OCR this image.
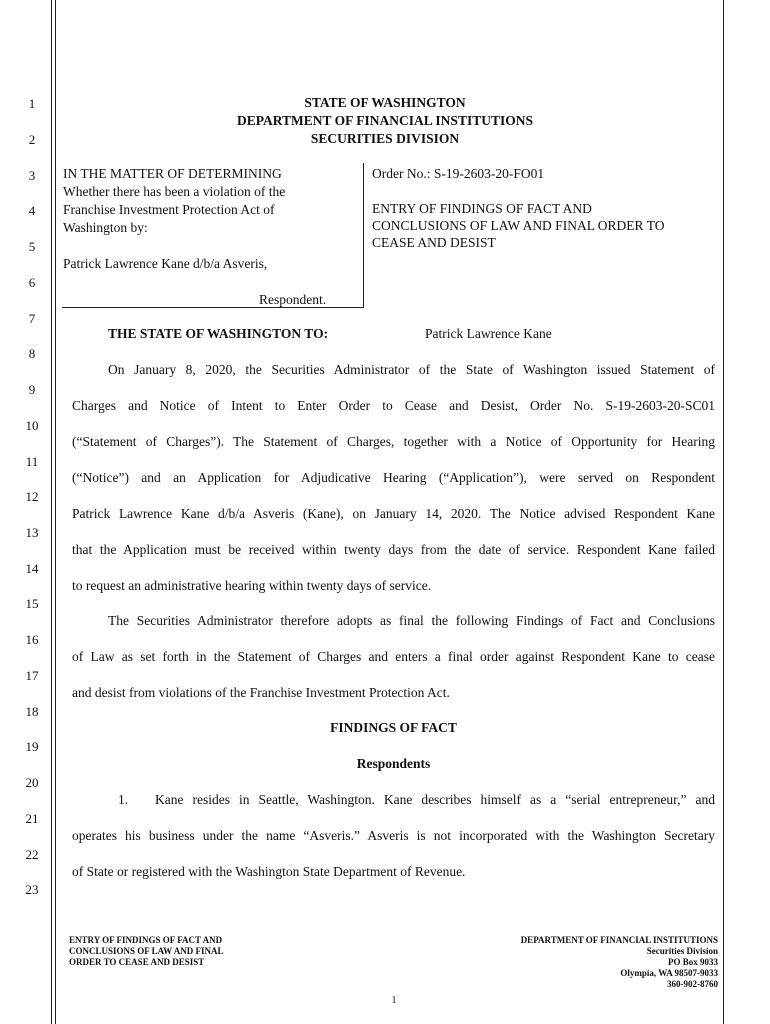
1
2
3
4
5
6
7
8
9
10
11
12
13
14
15
16
17
18
19
20
21
22
23
STATE OF WASHINGTON
DEPARTMENT OF FINANCIAL INSTITUTIONS
SECURITIES DIVISION
IN THE MATTER OF DETERMINING
Whether there has been a violation of the
Franchise Investment Protection Act of
Washington by:
Patrick Lawrence Kane d/b/a Asveris,
Respondent.
Order No.: S-19-2603-20-FO01
ENTRY OF FINDINGS OF FACT AND
CONCLUSIONS OF LAW AND FINAL ORDER TO
CEASE AND DESIST
THE STATE OF WASHINGTON TO:	Patrick Lawrence Kane
On January 8, 2020, the Securities Administrator of the State of Washington issued Statement of
Charges and Notice of Intent to Enter Order to Cease and Desist, Order No. S-19-2603-20-SC01
(“Statement of Charges”). The Statement of Charges, together with a Notice of Opportunity for Hearing
(“Notice”) and an Application for Adjudicative Hearing (“Application”), were served on Respondent
Patrick Lawrence Kane d/b/a Asveris (Kane), on January 14, 2020. The Notice advised Respondent Kane
that the Application must be received within twenty days from the date of service. Respondent Kane failed
to request an administrative hearing within twenty days of service.
The Securities Administrator therefore adopts as final the following Findings of Fact and Conclusions
of Law as set forth in the Statement of Charges and enters a final order against Respondent Kane to cease
and desist from violations of the Franchise Investment Protection Act.
FINDINGS OF FACT
Respondents
1. Kane resides in Seattle, Washington. Kane describes himself as a “serial entrepreneur,” and
operates his business under the name “Asveris.” Asveris is not incorporated with the Washington Secretary
of State or registered with the Washington State Department of Revenue.
ENTRY OF FINDINGS OF FACT AND
CONCLUSIONS OF LAW AND FINAL
ORDER TO CEASE AND DESIST
DEPARTMENT OF FINANCIAL INSTITUTIONS
Securities Division
PO Box 9033
Olympia, WA 98507-9033
360-902-8760
1
